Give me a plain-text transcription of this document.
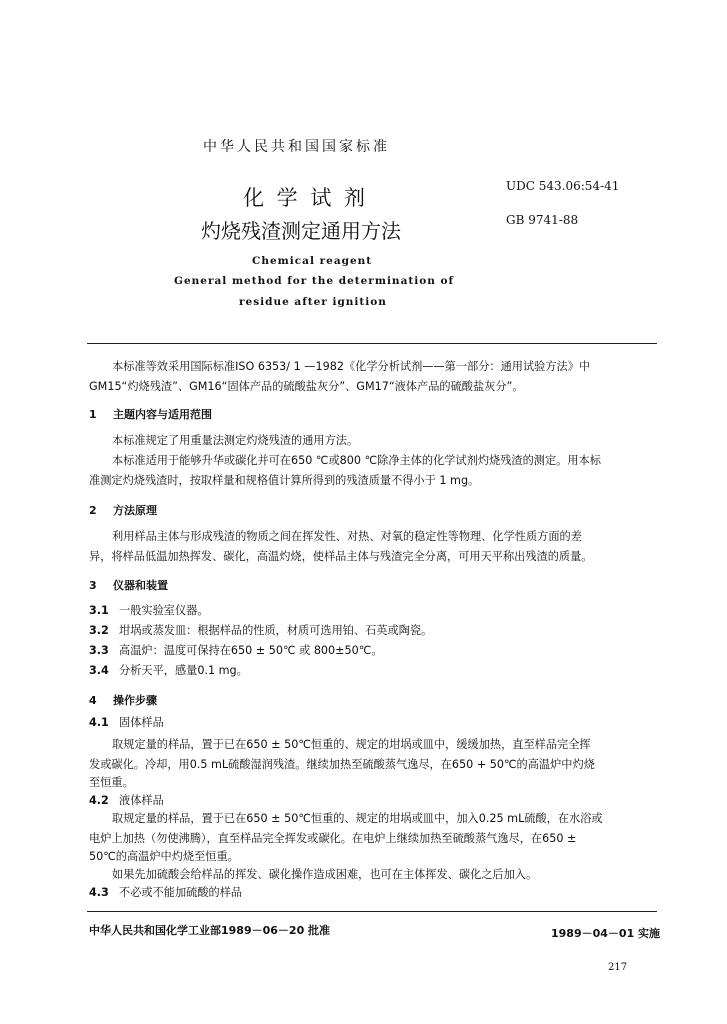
中华人民共和国国家标准
化 学 试 剂
灼烧残渣测定通用方法
UDC 543.06:54-41
GB 9741-88
Chemical reagent
General method for the determination of
residue after ignition
本标准等效采用国际标准ISO 6353/ 1 —1982《化学分析试剂——第一部分：通用试验方法》中
GM15“灼烧残渣”、GM16“固体产品的硫酸盐灰分”、GM17“液体产品的硫酸盐灰分”。
1 主题内容与适用范围
本标准规定了用重量法测定灼烧残渣的通用方法。
本标准适用于能够升华或碳化并可在650 ℃或800 ℃除净主体的化学试剂灼烧残渣的测定。用本标
准测定灼烧残渣时，按取样量和规格值计算所得到的残渣质量不得小于 1 mg。
2 方法原理
利用样品主体与形成残渣的物质之间在挥发性、对热、对氧的稳定性等物理、化学性质方面的差
异，将样品低温加热挥发、碳化，高温灼烧，使样品主体与残渣完全分离，可用天平称出残渣的质量。
3 仪器和装置
3.1 一般实验室仪器。
3.2 坩埚或蒸发皿：根据样品的性质，材质可选用铂、石英或陶瓷。
3.3 高温炉：温度可保持在650 ± 50℃ 或 800±50℃。
3.4 分析天平，感量0.1 mg。
4 操作步骤
4.1 固体样品
取规定量的样品，置于已在650 ± 50℃恒重的、规定的坩埚或皿中，缓缓加热，直至样品完全挥
发或碳化。冷却，用0.5 mL硫酸湿润残渣。继续加热至硫酸蒸气逸尽，在650 + 50℃的高温炉中灼烧
至恒重。
4.2 液体样品
取规定量的样品，置于已在650 ± 50℃恒重的、规定的坩埚或皿中，加入0.25 mL硫酸，在水浴或
电炉上加热（勿使沸腾），直至样品完全挥发或碳化。在电炉上继续加热至硫酸蒸气逸尽，在650 ±
50℃的高温炉中灼烧至恒重。
如果先加硫酸会给样品的挥发、碳化操作造成困难，也可在主体挥发、碳化之后加入。
4.3 不必或不能加硫酸的样品
中华人民共和国化学工业部1989－06－20 批准	1989－04－01 实施
217
